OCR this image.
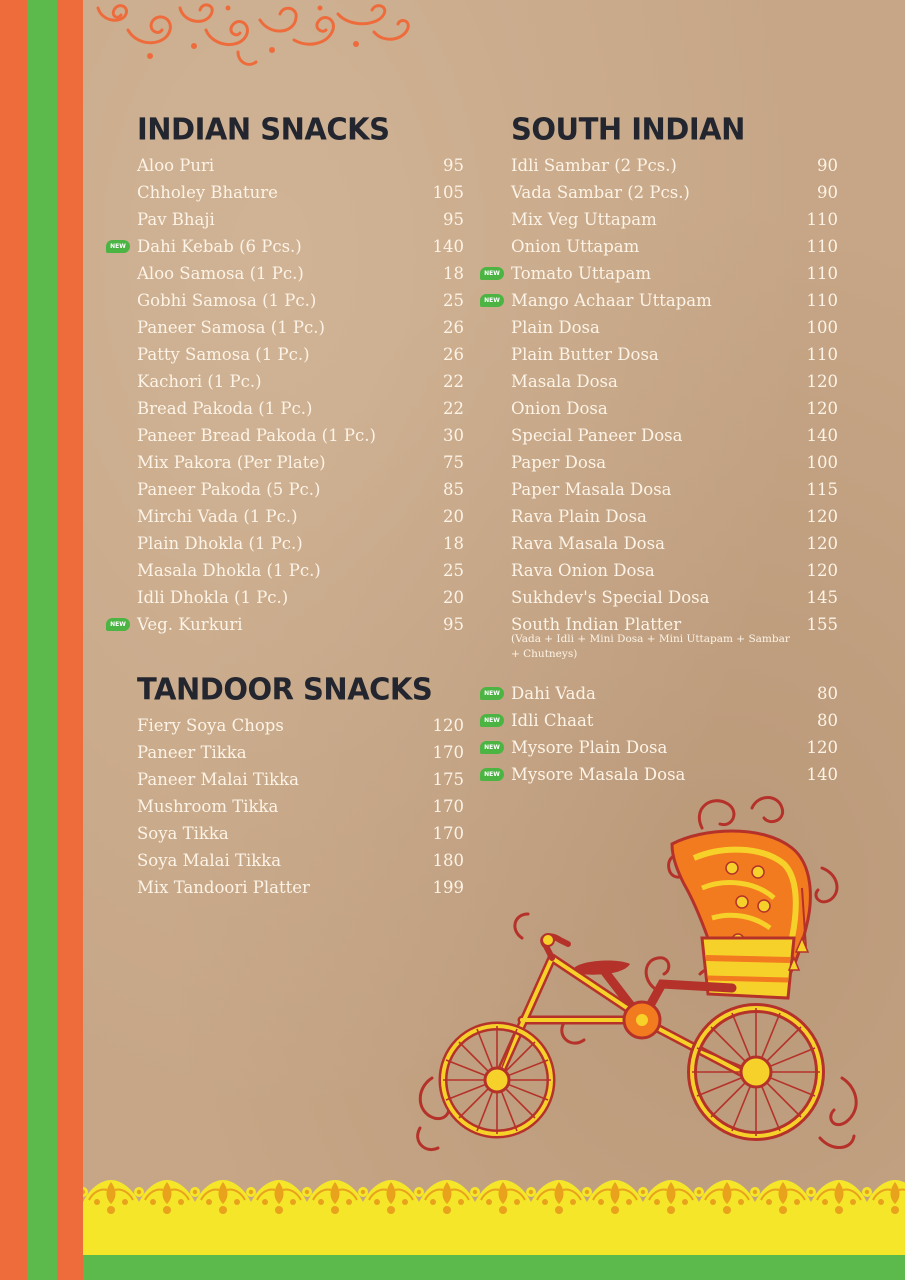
INDIAN SNACKS
Aloo Puri	95
Chholey Bhature	105
Pav Bhaji	95
NEW Dahi Kebab (6 Pcs.)	140
Aloo Samosa (1 Pc.)	18
Gobhi Samosa (1 Pc.)	25
Paneer Samosa (1 Pc.)	26
Patty Samosa (1 Pc.)	26
Kachori (1 Pc.)	22
Bread Pakoda (1 Pc.)	22
Paneer Bread Pakoda (1 Pc.)	30
Mix Pakora (Per Plate)	75
Paneer Pakoda (5 Pc.)	85
Mirchi Vada (1 Pc.)	20
Plain Dhokla (1 Pc.)	18
Masala Dhokla (1 Pc.)	25
Idli Dhokla (1 Pc.)	20
NEW Veg. Kurkuri	95
TANDOOR SNACKS
Fiery Soya Chops	120
Paneer Tikka	170
Paneer Malai Tikka	175
Mushroom Tikka	170
Soya Tikka	170
Soya Malai Tikka	180
Mix Tandoori Platter	199
SOUTH INDIAN
Idli Sambar (2 Pcs.)	90
Vada Sambar (2 Pcs.)	90
Mix Veg Uttapam	110
Onion Uttapam	110
NEW Tomato Uttapam	110
NEW Mango Achaar Uttapam	110
Plain Dosa	100
Plain Butter Dosa	110
Masala Dosa	120
Onion Dosa	120
Special Paneer Dosa	140
Paper Dosa	100
Paper Masala Dosa	115
Rava Plain Dosa	120
Rava Masala Dosa	120
Rava Onion Dosa	120
Sukhdev's Special Dosa	145
South Indian Platter	155
(Vada + Idli + Mini Dosa + Mini Uttapam + Sambar + Chutneys)
NEW Dahi Vada	80
NEW Idli Chaat	80
NEW Mysore Plain Dosa	120
NEW Mysore Masala Dosa	140
